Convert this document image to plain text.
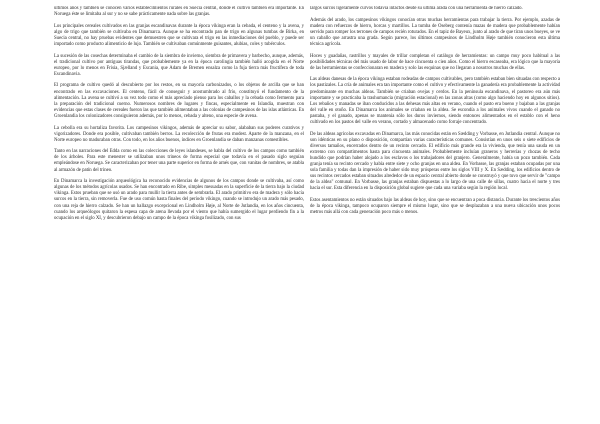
últimos años y también se conocen varios establecimientos rurales en Suecia central, donde el cultivo también era importante. En Noruega éste se limitaba al sur y no se sabe prácticamente nada sobre las granjas.

Los principales cereales cultivados en las granjas escandinavas durante la época vikinga eran la cebada, el centeno y la avena, y algo de trigo que también se cultivaba en Dinamarca. Aunque se ha encontrado pan de trigo en algunas tumbas de Birka, en Suecia central, no hay pruebas evidentes que demuestren que se cultivara el trigo en las inmediaciones del pueblo, y puede ser importado como producto alimenticio de lujo. También se cultivaban comúnmente guisantes, alubias, coles y tubérculos.

La sucesión de las cosechas determinaba el cambio de la siembra de invierno, siembra de primavera y barbecho, aunque, además, el tradicional cultivo por antiguas tirandas, que probablemente ya en la época carolingia también halló acogida en el Norte europeo, por lo menos en Frisia, Sjælland y Escania, que Adam de Bremen ensalza como la fuja tierra más fructífera de toda Escandinavia.

El programa de cultivo quedó al descubierto por los restos, en su mayoría carbonizados, o los objetos de arcilla que se han encontrado en las excavaciones. El centeno, fácil de conseguir y acostumbrado al frío, constituyó el fundamento de la alimentación. La avena se cultivó a su vez todo como el más apreciado pienso para los caballos y la cebada como fermento para la preparación del tradicional cuerno. Numerosos nombres de lugares y fincas, especialmente en Islandia, muestran con evidencias que estas clases de cereales fueron las que también alimentaban a las colonias de campesinos de las islas atlánticas. En Groenlandia los colonizadores consiguieron además, por lo menos, cebada y alteno, una especie de avena.

La cebolla era su hortaliza favorita. Los campesinos vikingos, además de apreciar su sabor, alababan sus poderes curativos y vigorizadores. Donde era posible, cultivaban también berros. La recolección de frutas era modest. Aparte de la manzana, en el Norte europeo no maduraban otras. Con todo, en los años buenos, índices en Groenlandia se daban manzanas comestibles.

Tanto en las narraciones del Edda como en las colecciones de leyes islandeses, se habla del cultivo de los campos como también de los árboles. Para este menester se utilizaban unos trineos de forma especial que todavía en el pasado siglo seguían empleándose en Noruega. Se caracterizaban por tener una parte superior en forma de arnés que, con vanitas de nombres, se atabla al armazón de patín del trineo.

En Dinamarca la investigación arqueológica ha reconocido evidencias de algunos de los campos donde se cultivaba, así como algunas de los métodos agrícolas usados. Se han encontrado en Ribe, simples mesuadas en la superficie de la tierra bajo la ciudad vikinga. Estos prueban que se usó un arado para mullir la tierra antes de sembrarla. El arado primitivo era de madera y sólo hacía surcos en la tierra, sin removerla. Fue de uso común hasta finales del período vikingo, cuando se introdujo un arado más pesado, con una reja de hierro calzado. Se han un hallazgo excepcional en Lindholm Høje, al Norte de Jutlandia, en los años cincuenta, cuando los arqueólogos quitaron la espesa capa de arena llevada por el viento que había sumergido el lugar perdiendo fin a la ocupación en el siglo XI, y descubrieron debajo un campo de la época vikinga fosilizado, con sus

largos surcos ligeramente curvos todavía intactos desde su última arada con una herramienta de hierro calzado.

Además del arado, los campesinos vikingos conocían otras muchas herramientas para trabajar la tierra. Por ejemplo, azadas de madera con refuerzos de hierro, horcas y martillos. La tumba de Oseberg contenía mazas de madera que probablemente habían servido para romper los terrones de campos recién roturados. En el tapiz de Bayeux, junto al arado de que tiran unos bueyes, se ve un caballo que arrastra una grada. Según parece, los últimos campesinos de Lindholm Høje también conocieron esta última técnica agrícola.

Hoces y guadañas, rastrillos y mayales de trillar completan el catálogo de herramientas: un campo muy poco habitual a las posibilidades técnicas del más usado de labor de hace cincuenta o cien años. Como el hierro escaseaba, era lógico que la mayoría de las herramientas se confeccionaran en madera y solo las esquinas que no llegaran a nosotros muchas de ellas.

Las aldeas danesas de la época vikinga estaban rodeadas de campos cultivables, pero también estaban bien situadas con respecto a los pastizales. La cría de animales era tan importante como el cultivo y efectivamente la ganadería era probablemente la actividad predominante en muchas aldeas. También se criaban ovejas y cerdos. En la península escandinava, el pastoreo era aún más importante y se practicaba la trashumancia (migración estacional) en las zonas altas (como algo haciendo hoy en algunos sitios). Los rebaños y manadas se iban conducidos a las dehesas más altas en verano, cuando el pasto era bueno y bajaban a las granjas del valle en otoño. En Dinamarca los animales se criaban en la aldea. Se escondía a los animales vivos cuando el ganado no pastaba, y el ganado, apenas se mantenía sólo los duros inviernos, siendo entonces alimentados en el establo con el heno cultivado en los pastos del valle en verano, cortado y almacenado como forraje concentrado.

De las aldeas agrícolas excavadas en Dinamarca, las más conocidas están en Sædding y Vorbasse, en Jutlandia central. Aunque no son idénticas en su plano o disposición, compartían varias características comunes. Consistían en unos seis o siete edificios de diversos tamaños, encerrados dentro de un recinto cercado. El edificio más grande era la vivienda, que tenía una sauda en un extremo con compartimentos hasta para cincuenta animales. Probablemente incluían graneros y herrerías y chozas de techo hundido que podrían haber alojado a los esclavos o los trabajadores del granjero. Generalmente, había un pozo también. Cada granja tenía su recinto cercado y había entre siete y ocho granjas en una aldea. En Vorbasse, las granjas estaban ocupadas por una sola familia y todas dan la impresión de haber sido muy prósperas entre los siglos VIII y X. En Sædding, los edificios dentro de sus recintos cercados estaban situados alrededor de un espacio central abierto donde se construyó y que tuvo que servir de "campo de la aldea" comunal. En Vorbasse, las granjas estaban dispuestas a lo largo de una calle de sillas, cuatro hacia el norte y tres hacia el sur. Esta diferencia en la disposición global sugiere que cada una variaba según la región local.

Estos asentamientos no están situados bajo las aldeas de hoy, sino que se encuentran a poca distancia. Durante los trescientos años de la época vikinga, tampoco ocuparon siempre el mismo lugar, sino que se desplazaban a una nueva ubicación unos pocos metros más allá con cada generación poco más o menos.
